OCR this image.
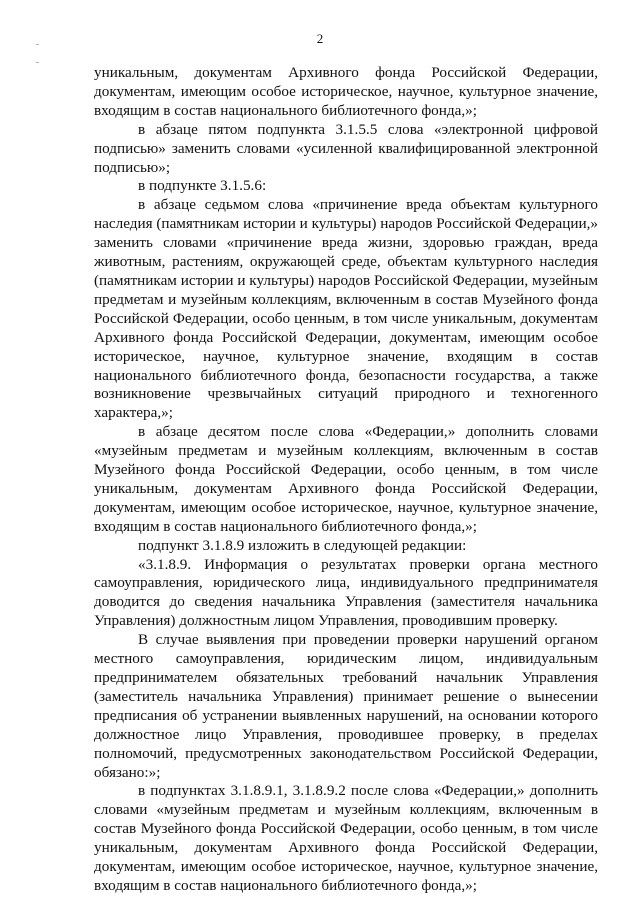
2

уникальным, документам Архивного фонда Российской Федерации, документам, имеющим особое историческое, научное, культурное значение, входящим в состав национального библиотечного фонда,»;

в абзаце пятом подпункта 3.1.5.5 слова «электронной цифровой подписью» заменить словами «усиленной квалифицированной электронной подписью»;

в подпункте 3.1.5.6:

в абзаце седьмом слова «причинение вреда объектам культурного наследия (памятникам истории и культуры) народов Российской Федерации,» заменить словами «причинение вреда жизни, здоровью граждан, вреда животным, растениям, окружающей среде, объектам культурного наследия (памятникам истории и культуры) народов Российской Федерации, музейным предметам и музейным коллекциям, включенным в состав Музейного фонда Российской Федерации, особо ценным, в том числе уникальным, документам Архивного фонда Российской Федерации, документам, имеющим особое историческое, научное, культурное значение, входящим в состав национального библиотечного фонда, безопасности государства, а также возникновение чрезвычайных ситуаций природного и техногенного характера,»;

в абзаце десятом после слова «Федерации,» дополнить словами «музейным предметам и музейным коллекциям, включенным в состав Музейного фонда Российской Федерации, особо ценным, в том числе уникальным, документам Архивного фонда Российской Федерации, документам, имеющим особое историческое, научное, культурное значение, входящим в состав национального библиотечного фонда,»;

подпункт 3.1.8.9 изложить в следующей редакции:

«3.1.8.9. Информация о результатах проверки органа местного самоуправления, юридического лица, индивидуального предпринимателя доводится до сведения начальника Управления (заместителя начальника Управления) должностным лицом Управления, проводившим проверку.

В случае выявления при проведении проверки нарушений органом местного самоуправления, юридическим лицом, индивидуальным предпринимателем обязательных требований начальник Управления (заместитель начальника Управления) принимает решение о вынесении предписания об устранении выявленных нарушений, на основании которого должностное лицо Управления, проводившее проверку, в пределах полномочий, предусмотренных законодательством Российской Федерации, обязано:»;

в подпунктах 3.1.8.9.1, 3.1.8.9.2 после слова «Федерации,» дополнить словами «музейным предметам и музейным коллекциям, включенным в состав Музейного фонда Российской Федерации, особо ценным, в том числе уникальным, документам Архивного фонда Российской Федерации, документам, имеющим особое историческое, научное, культурное значение, входящим в состав национального библиотечного фонда,»;
